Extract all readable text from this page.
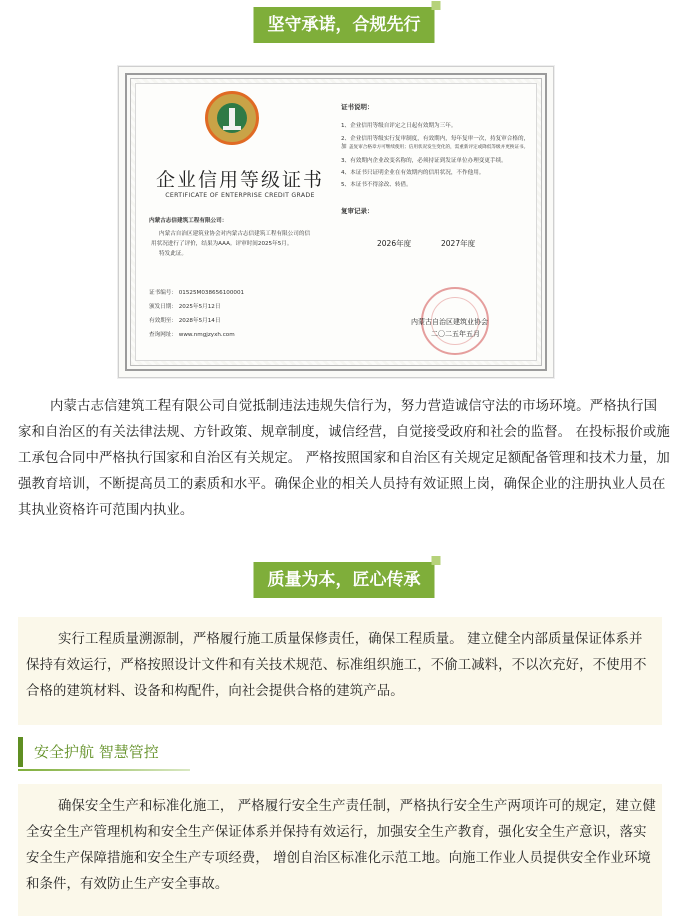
坚守承诺，合规先行
企业信用等级证书
CERTIFICATE OF ENTERPRISE CREDIT GRADE
内蒙古志信建筑工程有限公司：
内蒙古自治区建筑业协会对内蒙古志信建筑工程有限公司的信
用状况进行了评价，结果为AAA。评审时间2025年5月。
特发此证。
证书编号： 01525M038656100001
颁发日期： 2025年5月12日
有效期至： 2028年5月14日
查询网址： www.nmgjzyxh.com
证书说明：
1、企业信用等级自评定之日起有效期为三年。
2、企业信用等级实行复审制度，有效期内，每年复审一次，持复审合格的，加 盖复审合格章方可继续使用；信用状况发生变化的，需重新评定或降低等级并更换证书。
3、有效期内企业改变名称的，必须持证到发证单位办理变更手续。
4、本证书只证明企业在有效期内的信用状况，不作他用。
5、本证书不得涂改、转借。
复审记录：
2026年度	2027年度
内蒙古自治区建筑业协会
二〇二五年五月

内蒙古志信建筑工程有限公司自觉抵制违法违规失信行为，努力营造诚信守法的市场环境。严格执行国家和自治区的有关法律法规、方针政策、规章制度，诚信经营，自觉接受政府和社会的监督。 在投标报价或施工承包合同中严格执行国家和自治区有关规定。 严格按照国家和自治区有关规定足额配备管理和技术力量，加强教育培训，不断提高员工的素质和水平。确保企业的相关人员持有效证照上岗，确保企业的注册执业人员在其执业资格许可范围内执业。

质量为本，匠心传承

实行工程质量溯源制，严格履行施工质量保修责任，确保工程质量。 建立健全内部质量保证体系并保持有效运行，严格按照设计文件和有关技术规范、标准组织施工，不偷工减料，不以次充好，不使用不合格的建筑材料、设备和构配件，向社会提供合格的建筑产品。

安全护航 智慧管控

确保安全生产和标准化施工， 严格履行安全生产责任制，严格执行安全生产两项许可的规定，建立健全安全生产管理机构和安全生产保证体系并保持有效运行，加强安全生产教育，强化安全生产意识，落实安全生产保障措施和安全生产专项经费， 增创自治区标准化示范工地。向施工作业人员提供安全作业环境和条件，有效防止生产安全事故。
